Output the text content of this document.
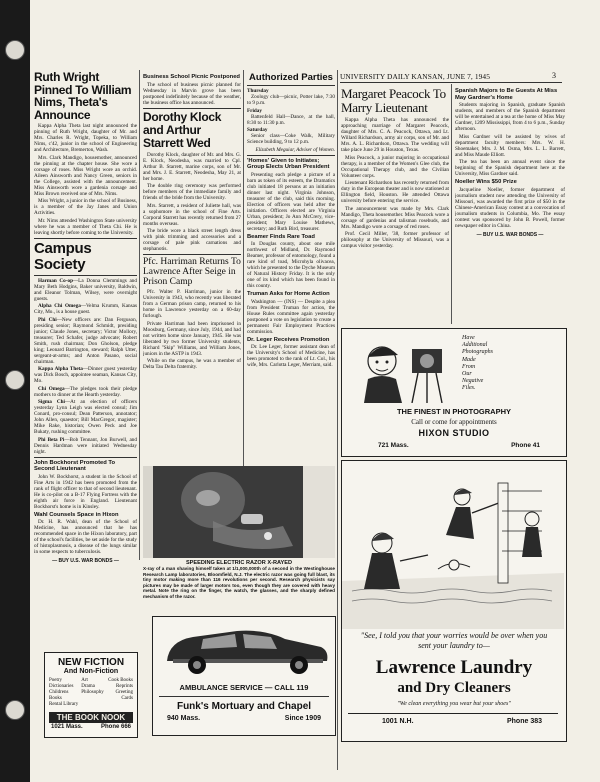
UNIVERSITY DAILY KANSAN, JUNE 7, 1945	3
Ruth Wright Pinned To William Nims, Theta's Announce

Kappa Alpha Theta last night announced the pinning of Ruth Wright, daughter of Mr. and Mrs. Charles R. Wright, Topeka, to William Nims, c'42, junior in the school of Engineering and Architecture, Bremerton, Wash.

Mrs. Clark Mandigo, housemother, announced the pinning at the chapter house. She wore a corsage of roses. Miss Wright wore an orchid. Aileen Ainsworth and Nancy Green, seniors in the College, assisted with the announcement. Miss Ainsworth wore a gardenia corsage and Miss Brown received one of Mrs. Nims.

Miss Wright, a junior in the school of Business, is a member of the Jay Janes and Union Activities.

Mr. Nims attended Washington State university where he was a member of Theta Chi. He is leaving shortly before coming to the University.

Campus Society

Harman Co-op—La Donna Clemmings and Mary Beth Hodgins, Baker university, Baldwin, and Eleanor Tolman, Wilsey, were overnight guests.

Alpha Chi Omega—Velma Krumm, Kansas City, Mo., is a house guest.

Phi Chi—New officers are: Dan Ferguson, presiding senior; Raymond Schmidt, presiding junior; Claude Jones, secretary; Victor Mollory, treasurer; Ted Schafer, judge advocate; Robert Smith, rush chairman; Don Gholson, pledge king; Leonard Barrington, steward; Ralph Utter, sergeant-at-arms; and Anton Pasano, social chairman.

Kappa Alpha Theta—Dinner guest yesterday was Dick Bosch, appointee seaman, Kansas City, Mo.

Chi Omega—The pledges took their pledge mothers to dinner at the Hearth yesterday.

Sigma Chi—At an election of officers yesterday Lynn Leigh was elected consul; Jim Conard, pro-consul; Dean Patterson, annotator; John Allen, quaestor; Bill MacGregor, magister; Mike Rake, historian; Owen Peck and Joe Bukaty, rushing committee.

Phi Beta Pi—Bob Tennant, Jon Burwell, and Dennis Hardman were initiated Wednesday night.

John Bockhorst Promoted To Second Lieutenant

John W. Bockhorst, a student in the School of Fine Arts in 1942 has been promoted from the rank of flight officer to that of second lieutenant. He is co-pilot on a B-17 Flying Fortress with the eighth air force in England. Lieutenant Bockhorst's home is in Kinsley.

Wahl Counsels Space in Hixon

Dr. H. R. Wahl, dean of the School of Medicine, has announced that he has recommended space in the Hixon laboratory, part of the school's facilities, be set aside for the study of histoplasmosis, a disease of the lungs similar in some respects to tuberculosis.

— BUY U.S. WAR BONDS —
NEW FICTION
And Non-Fiction
Poetry
Dictionaries
Childrens Books
Rental Library
Art
Drama
Philosophy
Cook Books
Reprints
Greeting Cards
THE BOOK NOOK
1021 Mass.	Phone 666
Business School Picnic Postponed

The school of business picnic planned for Wednesday in Marvin grove has been postponed indefinitely because of the weather, the business office has announced.

Dorothy Klock and Arthur Starrett Wed

Dorothy Klock, daughter of Mr. and Mrs. G. E. Klock, Neodesha, was married to Cpl. Arthur B. Starrett, marine corps, son of Mr. and Mrs. J. E. Starrett, Neodesha, May 21, at her home.

The double ring ceremony was performed before members of the immediate family and friends of the bride from the University.

Mrs. Starrett, a resident of Juliette hall, was a sophomore in the school of Fine Arts. Corporal Starrett has recently returned from 27 months overseas.

The bride wore a black street length dress with pink trimming and accessories and a corsage of pale pink carnations and stephanotis.

Pfc. Harriman Returns To Lawrence After Seige in Prison Camp

Pfc. Walter P. Harriman, junior in the University in 1943, who recently was liberated from a German prison camp, returned to his home in Lawrence yesterday on a 60-day furlough.

Private Harriman had been imprisoned in Moosburg, Germany, since July, 1944, and had not written home since January, 1945. He was liberated by two former University students, Richard "Skip" Williams, and William Jones, juniors in the ASTP in 1943.

While on the campus, he was a member of Delta Tau Delta fraternity.

Authorized Parties
Thursday

Zoology club—picnic, Potter lake, 7:30 to 9 p.m.

Friday

Battenfeld Hall—Dance, at the hall, 8:30 to 11:30 p.m.

Saturday

Senior class—Coke Walk, Military Science building, 9 to 12 p.m.

Elizabeth Meguiar, Adviser of Women.
'Homes' Given to Initiates; Group Elects Urban President

Presenting each pledge a picture of a barn as token of its esteem, the Dramatics club initiated 18 persons at an initiation dinner last night. Virginia Johnson, treasurer of the club, said this morning. Election of officers was held after the initiation. Officers elected are Virginia Urban, president; Jo Ann McCrery, vice-president; Mary Louise Mathews, secretary; and Ruth Bird, treasurer.

Beamer Finds Rare Toad

In Douglas county, about one mile northwest of Midland, Dr. Raymond Beamer, professor of entomology, found a rare kind of toad, Microhyla olivacea, which he presented to the Dyche Museum of Natural History Friday. It is the only one of its kind which has been found in this county.

Truman Asks for Home Action

Washington — (INS) — Despite a plea from President Truman for action, the House Rules committee again yesterday postponed a vote on legislation to create a permanent Fair Employment Practices commission.

Dr. Leger Receives Promotion

Dr. Lee Leger, former assistant dean of the University's School of Medicine, has been promoted to the rank of Lt. Col., his wife, Mrs. Carlotta Leger, Merriam, said.

SPEEDING ELECTRIC RAZOR X-RAYED
X-ray of a man shaving himself taken at 1/1,000,000th of a second in the Westinghouse Research Lamp laboratories, Bloomfield, N.J. The electric razor was going full blast, its tiny motor making more than 116 revolutions per second. Research physicists say pictures may be made of larger motors too, even though they are covered with heavy metal. Note the ring on the finger, the watch, the glasses, and the sharply defined mechanism of the razor.
AMBULANCE SERVICE — CALL 119
Funk's Mortuary and Chapel
940 Mass.	Since 1909
Margaret Peacock To Marry Lieutenant

Kappa Alpha Theta has announced the approaching marriage of Margaret Peacock, daughter of Mrs. C. A. Peacock, Ottawa, and Lt. Willard Richardson, army air corps, son of Mr. and Mrs. A. L. Richardson, Ottawa. The wedding will take place June 29 in Houston, Texas.

Miss Peacock, a junior majoring in occupational therapy, is a member of the Women's Glee club, the Occupational Therapy club, and the Civilian Volunteer corps.

Lieutenant Richardson has recently returned from duty in the European theater and is now stationed at Ellington field, Houston. He attended Ottawa university before entering the service.

The announcement was made by Mrs. Clark Mandigo, Theta housemother. Miss Peacock wore a corsage of gardenias and talisman rosebuds, and Mrs. Mandigo wore a corsage of red roses.

Prof. Cecil Miller, '38, former professor of philosophy at the University of Missouri, was a campus visitor yesterday.

Spanish Majors to Be Guests At Miss May Gardner's Home

Students majoring in Spanish, graduate Spanish students, and members of the Spanish department will be entertained at a tea at the home of Miss May Gardner, 1209 Mississippi, from 4 to 6 p.m., Sunday afternoon.

Miss Gardner will be assisted by wives of department faculty members: Mrs. W. H. Shoemaker, Mrs. J. M. Osma, Mrs. L. L. Barrett, and Miss Maude Elliott.

The tea has been an annual event since the beginning of the Spanish department here at the University, Miss Gardner said.

Noeller Wins $50 Prize

Jacqueline Noeller, former department of journalism student now attending the University of Missouri, was awarded the first prize of $50 in the Chinese-American Essay contest at a convocation of journalism students in Columbia, Mo. The essay contest was sponsored by John B. Powell, former newspaper editor in China.

— BUY U.S. WAR BONDS —
Have
Additional
Photographs
Made
From
Our
Negative
Files.
THE FINEST IN PHOTOGRAPHY
Call or come for appointments
HIXON STUDIO
721 Mass.	Phone 41
"See, I told you that your worries would be over when you sent your laundry to—
Lawrence Laundry
and Dry Cleaners
"We clean everything you wear but your shoes"
1001 N.H.	Phone 383
